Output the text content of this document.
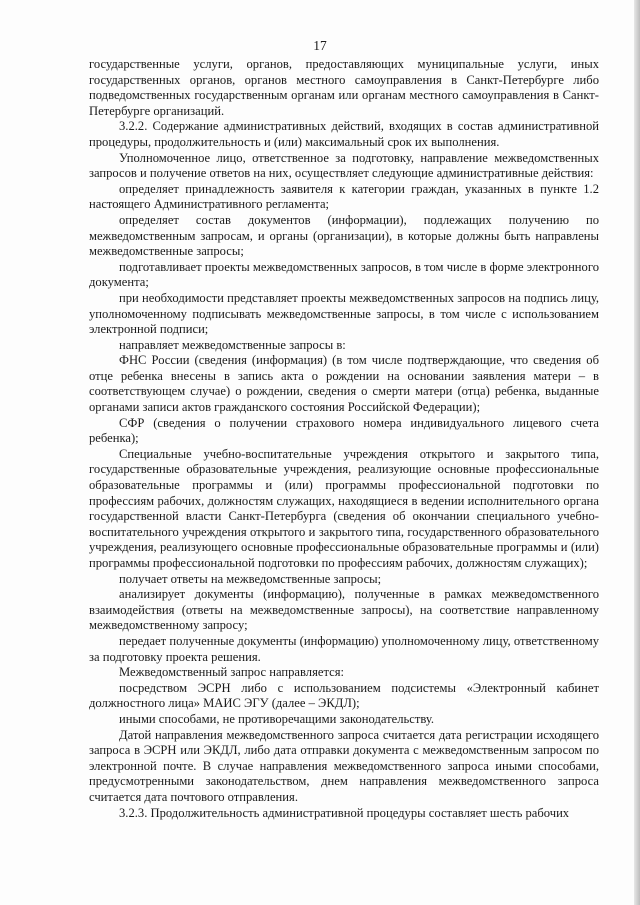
17

государственные услуги, органов, предоставляющих муниципальные услуги, иных государственных органов, органов местного самоуправления в Санкт-Петербурге либо подведомственных государственным органам или органам местного самоуправления в Санкт-Петербурге организаций.

3.2.2. Содержание административных действий, входящих в состав административной процедуры, продолжительность и (или) максимальный срок их выполнения.

Уполномоченное лицо, ответственное за подготовку, направление межведомственных запросов и получение ответов на них, осуществляет следующие административные действия:

определяет принадлежность заявителя к категории граждан, указанных в пункте 1.2 настоящего Административного регламента;

определяет состав документов (информации), подлежащих получению по межведомственным запросам, и органы (организации), в которые должны быть направлены межведомственные запросы;

подготавливает проекты межведомственных запросов, в том числе в форме электронного документа;

при необходимости представляет проекты межведомственных запросов на подпись лицу, уполномоченному подписывать межведомственные запросы, в том числе с использованием электронной подписи;

направляет межведомственные запросы в:

ФНС России (сведения (информация) (в том числе подтверждающие, что сведения об отце ребенка внесены в запись акта о рождении на основании заявления матери – в соответствующем случае) о рождении, сведения о смерти матери (отца) ребенка, выданные органами записи актов гражданского состояния Российской Федерации);

СФР (сведения о получении страхового номера индивидуального лицевого счета ребенка);

Специальные учебно-воспитательные учреждения открытого и закрытого типа, государственные образовательные учреждения, реализующие основные профессиональные образовательные программы и (или) программы профессиональной подготовки по профессиям рабочих, должностям служащих, находящиеся в ведении исполнительного органа государственной власти Санкт-Петербурга (сведения об окончании специального учебно-воспитательного учреждения открытого и закрытого типа, государственного образовательного учреждения, реализующего основные профессиональные образовательные программы и (или) программы профессиональной подготовки по профессиям рабочих, должностям служащих);

получает ответы на межведомственные запросы;

анализирует документы (информацию), полученные в рамках межведомственного взаимодействия (ответы на межведомственные запросы), на соответствие направленному межведомственному запросу;

передает полученные документы (информацию) уполномоченному лицу, ответственному за подготовку проекта решения.

Межведомственный запрос направляется:

посредством ЭСРН либо с использованием подсистемы «Электронный кабинет должностного лица» МАИС ЭГУ (далее – ЭКДЛ);

иными способами, не противоречащими законодательству.

Датой направления межведомственного запроса считается дата регистрации исходящего запроса в ЭСРН или ЭКДЛ, либо дата отправки документа с межведомственным запросом по электронной почте. В случае направления межведомственного запроса иными способами, предусмотренными законодательством, днем направления межведомственного запроса считается дата почтового отправления.

3.2.3. Продолжительность административной процедуры составляет шесть рабочих
